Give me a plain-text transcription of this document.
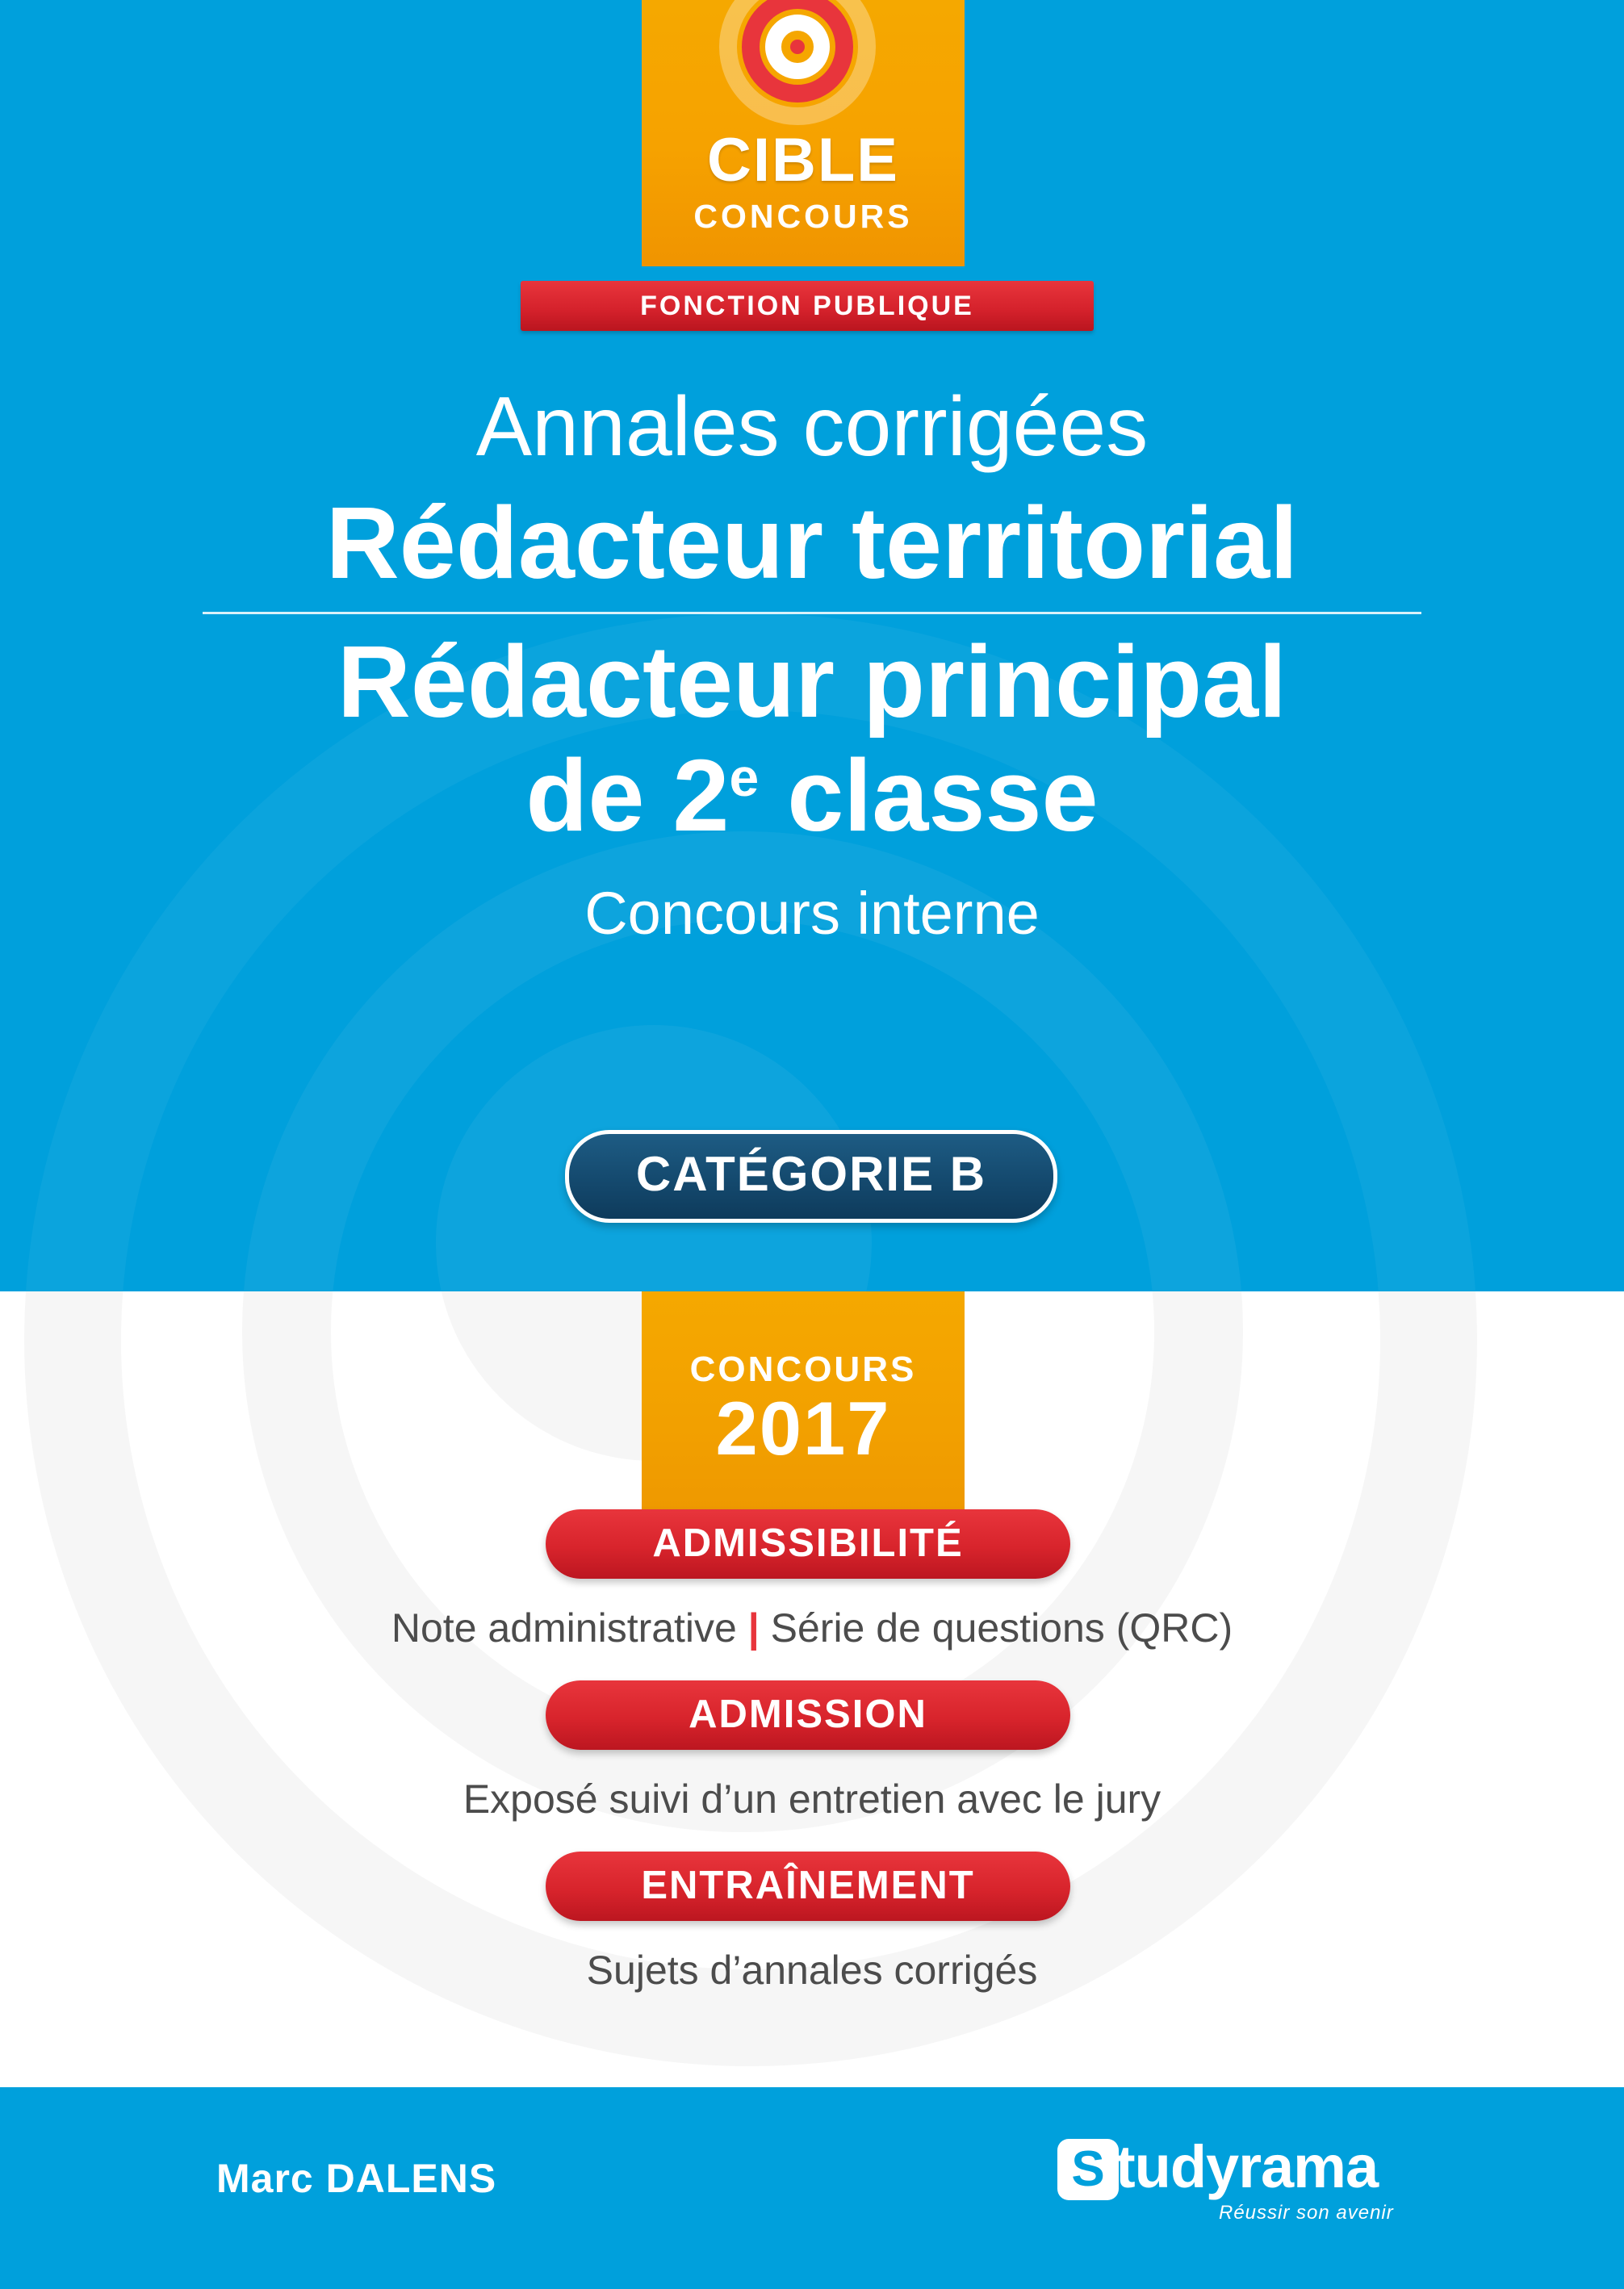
CIBLE
CONCOURS
FONCTION PUBLIQUE
Annales corrigées
Rédacteur territorial
Rédacteur principal
de 2e classe
Concours interne
CATÉGORIE B
CONCOURS
2017
ADMISSIBILITÉ
Note administrative | Série de questions (QRC)
ADMISSION
Exposé suivi d’un entretien avec le jury
ENTRAÎNEMENT
Sujets d’annales corrigés
Marc DALENS	S tudyrama
Réussir son avenir
